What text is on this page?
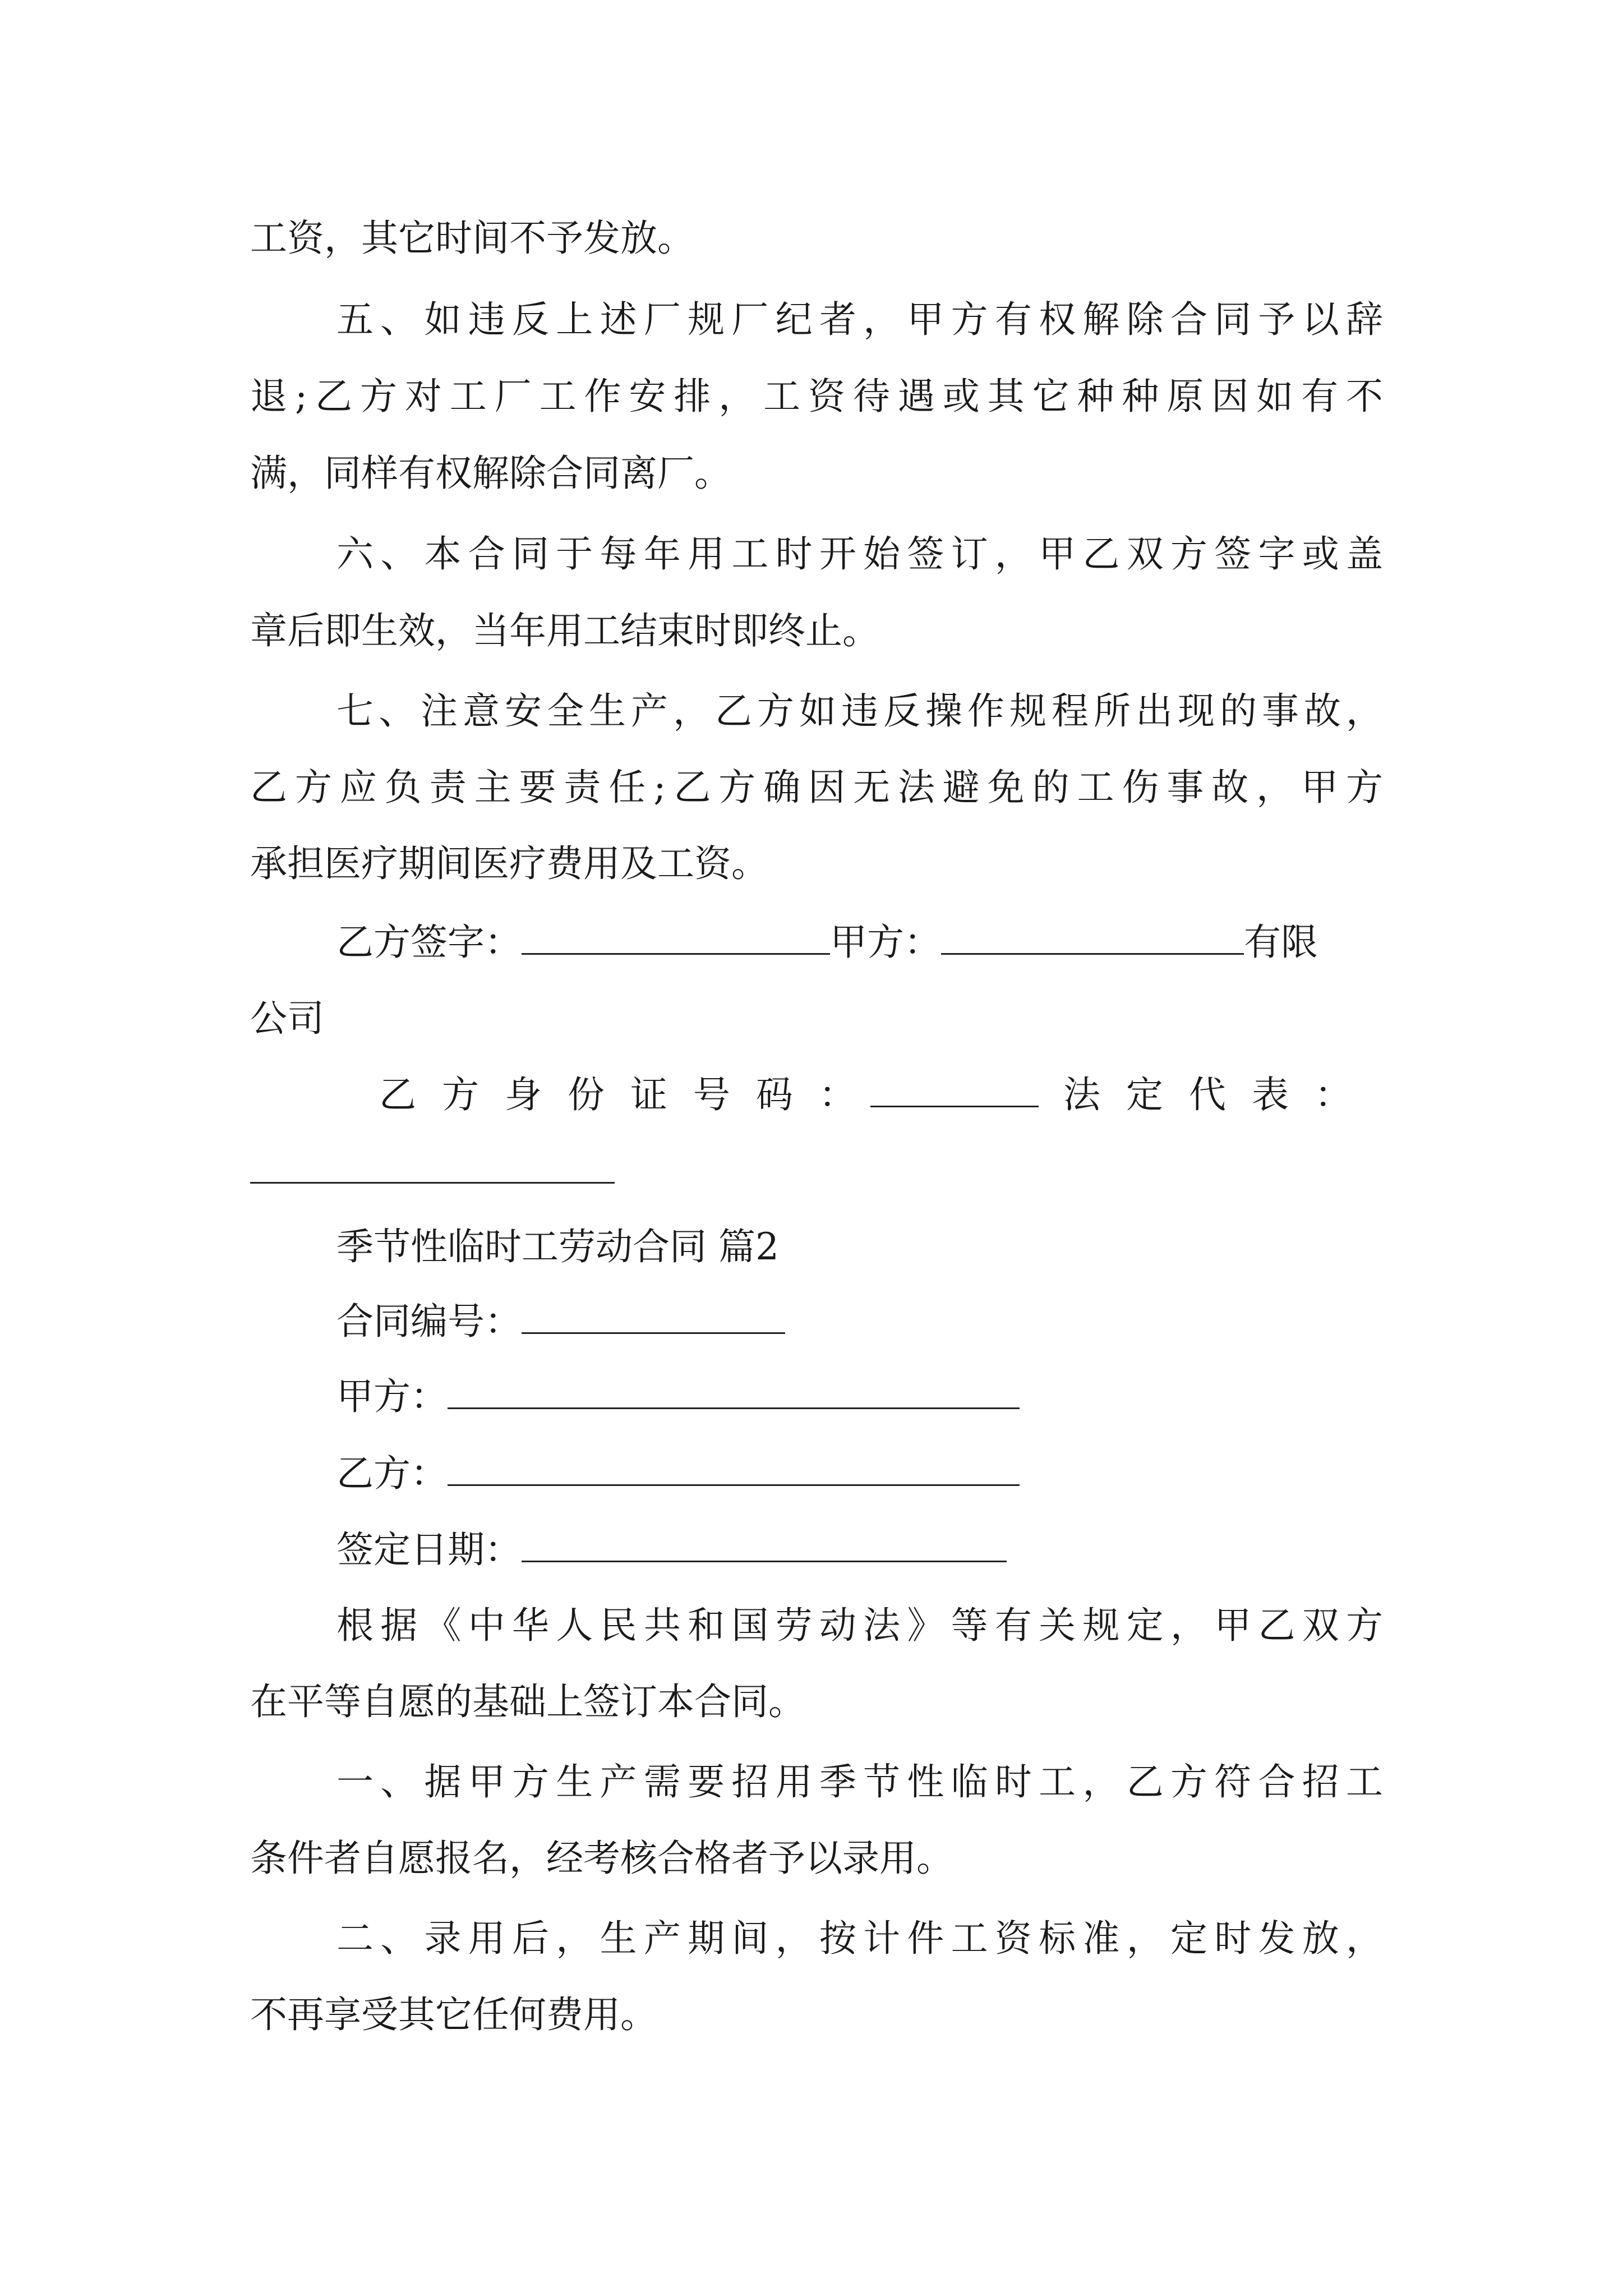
工资，其它时间不予发放。

五、如违反上述厂规厂纪者，甲方有权解除合同予以辞

退;乙方对工厂工作安排，工资待遇或其它种种原因如有不

满，同样有权解除合同离厂。

六、本合同于每年用工时开始签订，甲乙双方签字或盖

章后即生效，当年用工结束时即终止。

七、注意安全生产，乙方如违反操作规程所出现的事故，

乙方应负责主要责任;乙方确因无法避免的工伤事故，甲方

承担医疗期间医疗费用及工资。

乙方签字：	甲方：	有限

公司

乙方身份证号码：	法定代表：

季节性临时工劳动合同 篇2

合同编号：
甲方：
乙方：
签定日期：

根据《中华人民共和国劳动法》等有关规定，甲乙双方

在平等自愿的基础上签订本合同。

一、据甲方生产需要招用季节性临时工，乙方符合招工

条件者自愿报名，经考核合格者予以录用。

二、录用后，生产期间，按计件工资标准，定时发放，

不再享受其它任何费用。
